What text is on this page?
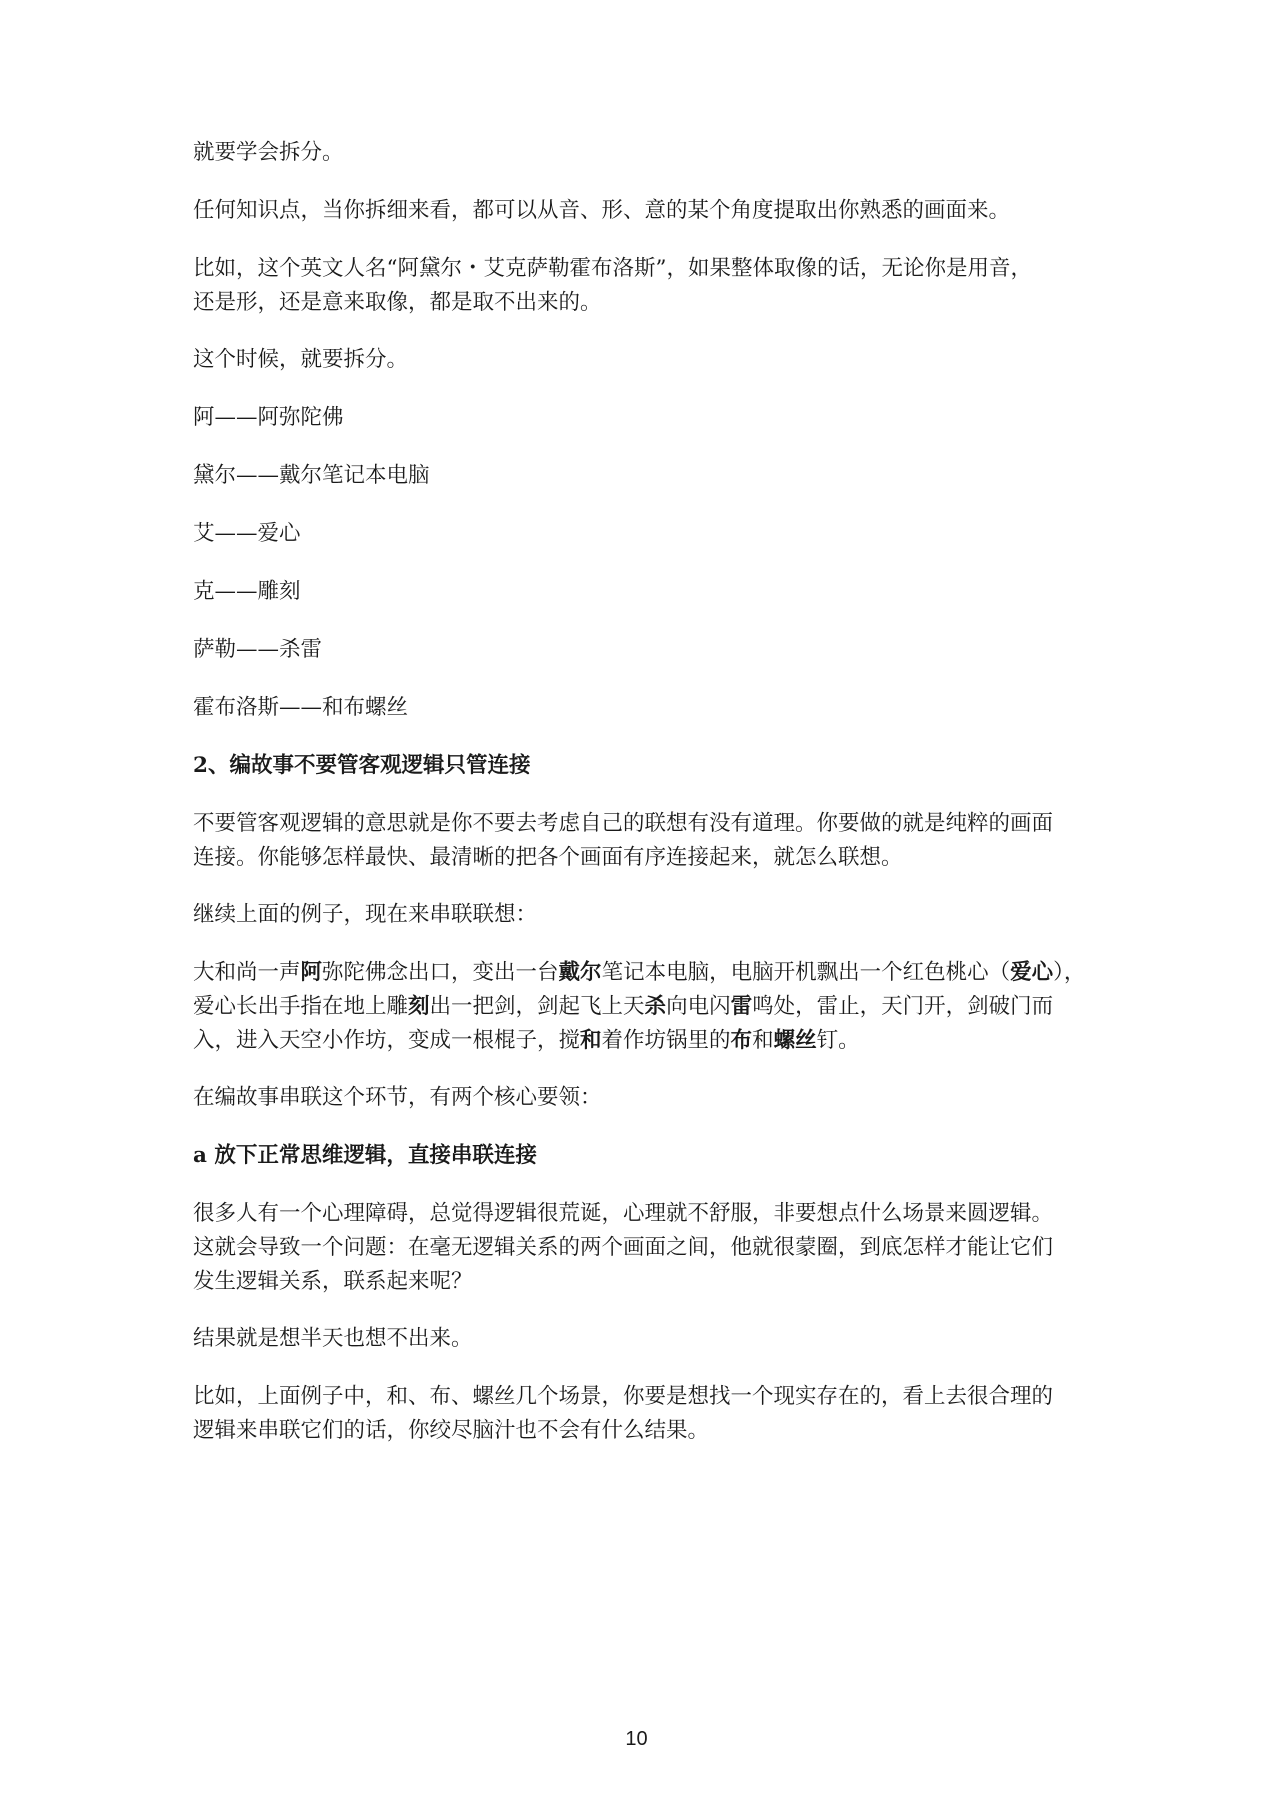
就要学会拆分。

任何知识点，当你拆细来看，都可以从音、形、意的某个角度提取出你熟悉的画面来。

比如，这个英文人名“阿黛尔・艾克萨勒霍布洛斯”，如果整体取像的话，无论你是用音，
还是形，还是意来取像，都是取不出来的。

这个时候，就要拆分。

阿——阿弥陀佛

黛尔——戴尔笔记本电脑

艾——爱心

克——雕刻

萨勒——杀雷

霍布洛斯——和布螺丝

2、编故事不要管客观逻辑只管连接

不要管客观逻辑的意思就是你不要去考虑自己的联想有没有道理。你要做的就是纯粹的画面
连接。你能够怎样最快、最清晰的把各个画面有序连接起来，就怎么联想。

继续上面的例子，现在来串联联想：

大和尚一声阿弥陀佛念出口，变出一台戴尔笔记本电脑，电脑开机飘出一个红色桃心（爱心），
爱心长出手指在地上雕刻出一把剑，剑起飞上天杀向电闪雷鸣处，雷止，天门开，剑破门而
入，进入天空小作坊，变成一根棍子，搅和着作坊锅里的布和螺丝钉。

在编故事串联这个环节，有两个核心要领：

a 放下正常思维逻辑，直接串联连接

很多人有一个心理障碍，总觉得逻辑很荒诞，心理就不舒服，非要想点什么场景来圆逻辑。
这就会导致一个问题：在毫无逻辑关系的两个画面之间，他就很蒙圈，到底怎样才能让它们
发生逻辑关系，联系起来呢？

结果就是想半天也想不出来。

比如，上面例子中，和、布、螺丝几个场景，你要是想找一个现实存在的，看上去很合理的
逻辑来串联它们的话，你绞尽脑汁也不会有什么结果。

10
